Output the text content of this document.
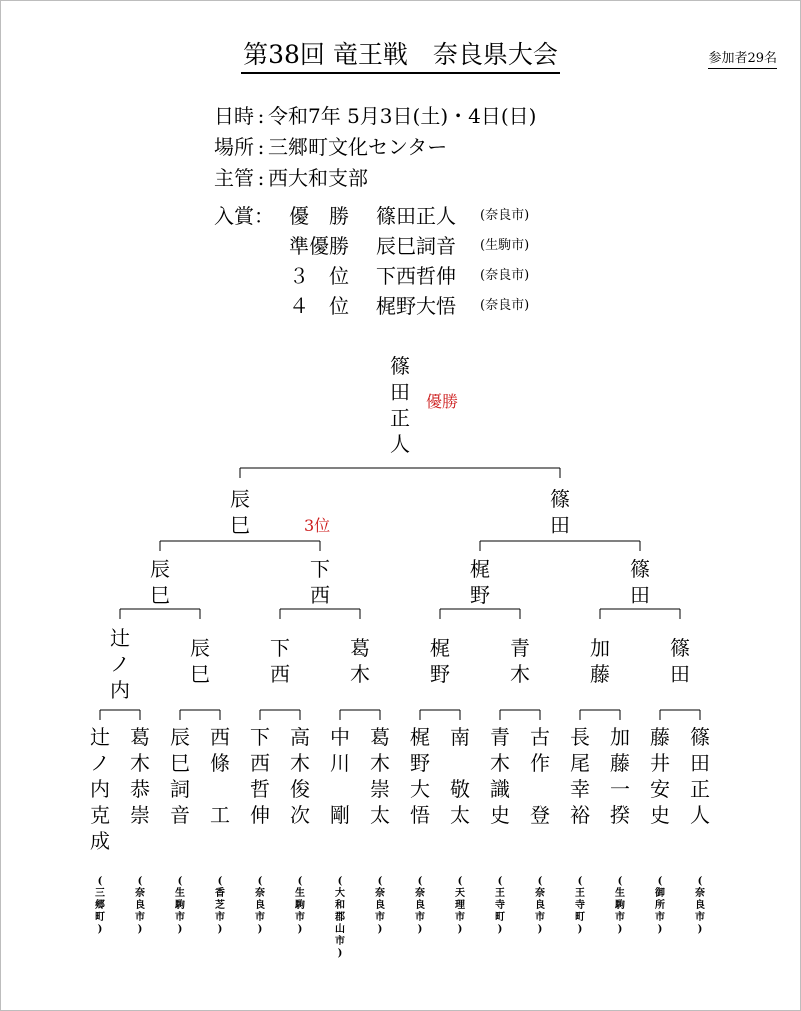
第38回 竜王戦　奈良県大会	参加者29名
日時 : 令和7年 5月3日(土)・4日(日)
場所 : 三郷町文化センター
主管 : 西大和支部
入賞： 優　勝 篠田正人 (奈良市)
準優勝 辰巳詞音 (生駒市)
３　位 下西哲伸 (奈良市)
４　位 梶野大悟 (奈良市)
篠
田
正
人
優勝
辰
巳
篠
田
3位
辰
巳
下
西
梶
野
篠
田
辻
ノ
内
辰
巳
下
西
葛
木
梶
野
青
木
加
藤
篠
田
辻
ノ
内
克
成
(
三
郷
町
)
葛
木
恭
崇
(
奈
良
市
)
辰
巳
詞
音
(
生
駒
市
)
西
條

工
(
香
芝
市
)
下
西
哲
伸
(
奈
良
市
)
高
木
俊
次
(
生
駒
市
)
中
川

剛
(
大
和
郡
山
市
)
葛
木
崇
太
(
奈
良
市
)
梶
野
大
悟
(
奈
良
市
)
南

敬
太
(
天
理
市
)
青
木
識
史
(
王
寺
町
)
古
作

登
(
奈
良
市
)
長
尾
幸
裕
(
王
寺
町
)
加
藤
一
揆
(
生
駒
市
)
藤
井
安
史
(
御
所
市
)
篠
田
正
人
(
奈
良
市
)
